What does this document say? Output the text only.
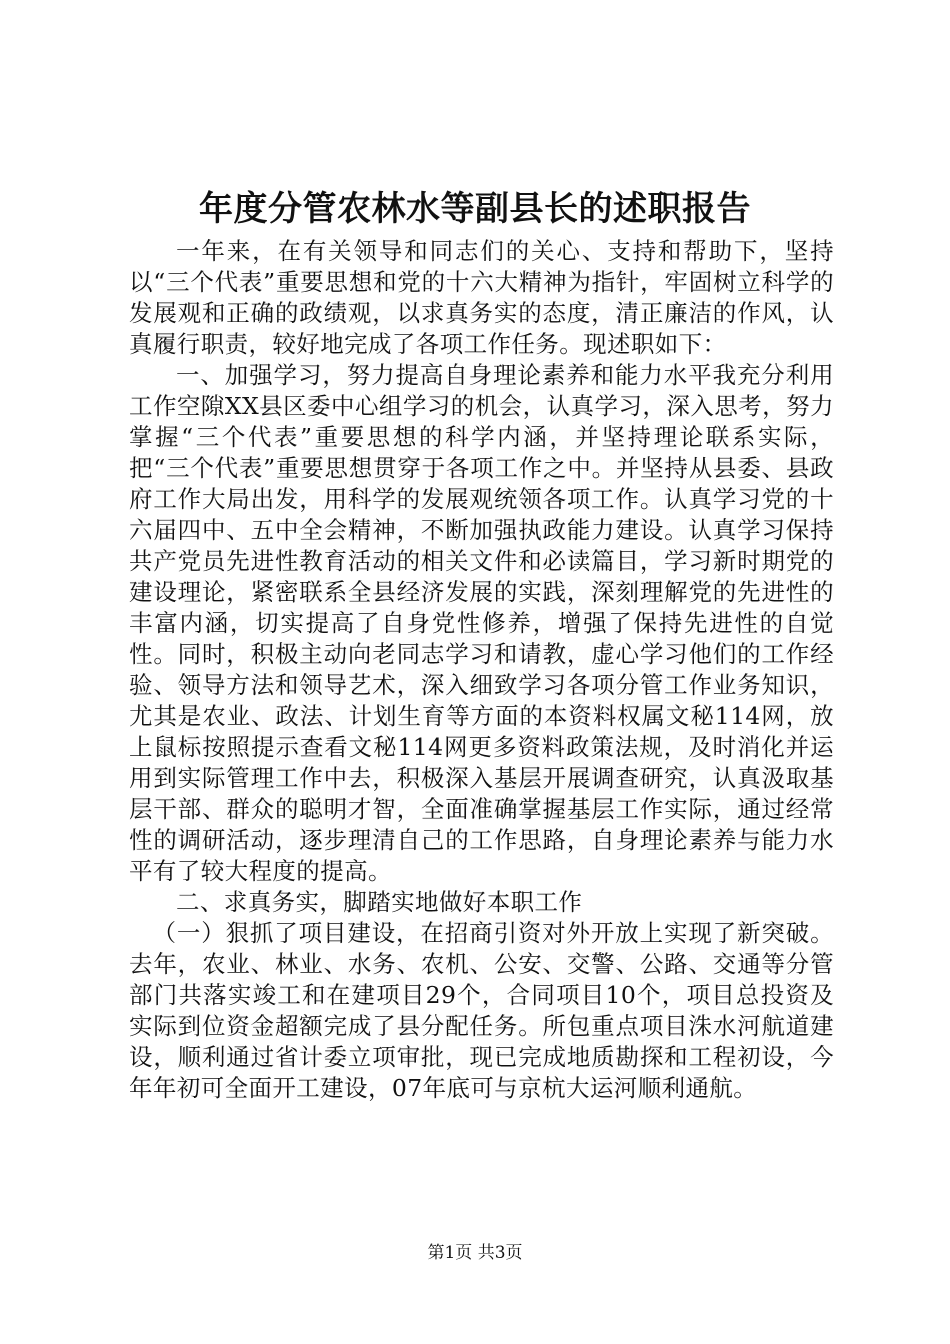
年度分管农林水等副县长的述职报告

一年来，在有关领导和同志们的关心、支持和帮助下，坚持以“三个代表”重要思想和党的十六大精神为指针，牢固树立科学的发展观和正确的政绩观，以求真务实的态度，清正廉洁的作风，认真履行职责，较好地完成了各项工作任务。现述职如下：

一、加强学习，努力提高自身理论素养和能力水平我充分利用工作空隙XX县区委中心组学习的机会，认真学习，深入思考，努力掌握“三个代表”重要思想的科学内涵，并坚持理论联系实际，把“三个代表”重要思想贯穿于各项工作之中。并坚持从县委、县政府工作大局出发，用科学的发展观统领各项工作。认真学习党的十六届四中、五中全会精神，不断加强执政能力建设。认真学习保持共产党员先进性教育活动的相关文件和必读篇目，学习新时期党的建设理论，紧密联系全县经济发展的实践，深刻理解党的先进性的丰富内涵，切实提高了自身党性修养，增强了保持先进性的自觉性。同时，积极主动向老同志学习和请教，虚心学习他们的工作经验、领导方法和领导艺术，深入细致学习各项分管工作业务知识，尤其是农业、政法、计划生育等方面的本资料权属文秘114网，放上鼠标按照提示查看文秘114网更多资料政策法规，及时消化并运用到实际管理工作中去，积极深入基层开展调查研究，认真汲取基层干部、群众的聪明才智，全面准确掌握基层工作实际，通过经常性的调研活动，逐步理清自己的工作思路，自身理论素养与能力水平有了较大程度的提高。

二、求真务实，脚踏实地做好本职工作

（一）狠抓了项目建设，在招商引资对外开放上实现了新突破。去年，农业、林业、水务、农机、公安、交警、公路、交通等分管部门共落实竣工和在建项目29个，合同项目10个，项目总投资及实际到位资金超额完成了县分配任务。所包重点项目洙水河航道建设，顺利通过省计委立项审批，现已完成地质勘探和工程初设，今年年初可全面开工建设，07年底可与京杭大运河顺利通航。

第1页 共3页
